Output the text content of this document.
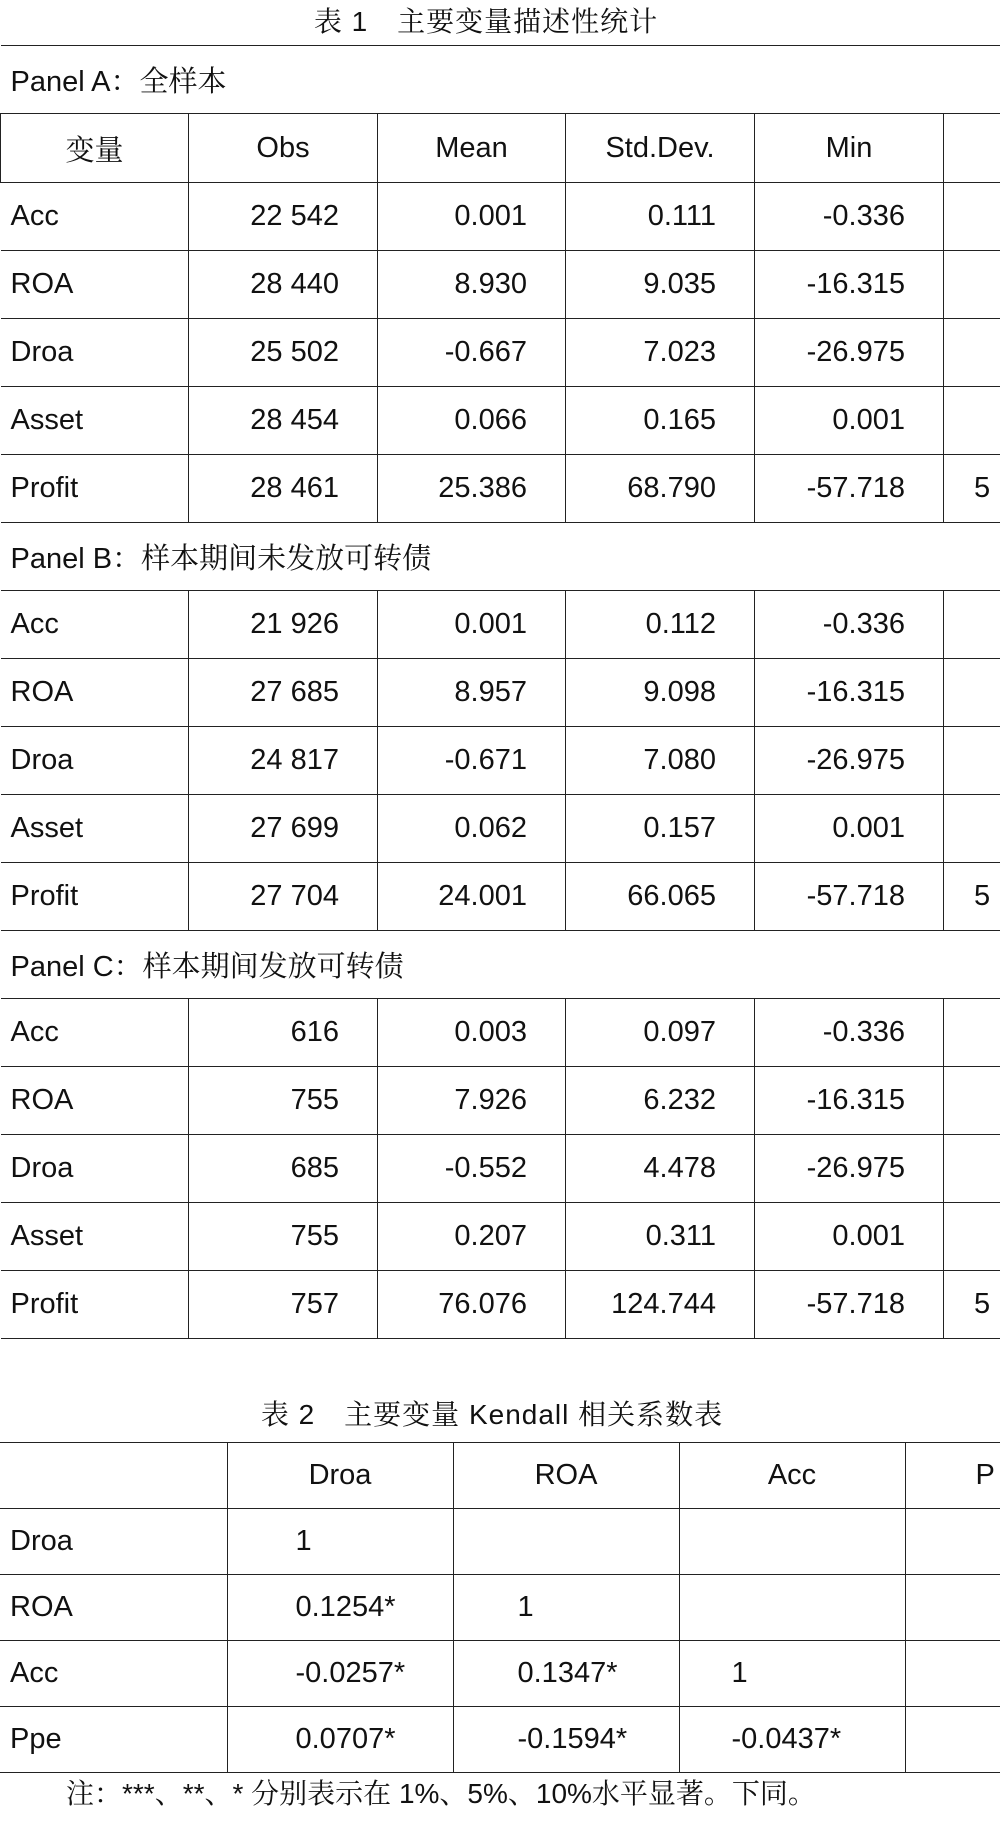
表 1　主要变量描述性统计
Panel A：全样本					
变量	Obs	Mean	Std.Dev.	Min	
Acc	22 542	0.001	0.111	-0.336	
ROA	28 440	8.930	9.035	-16.315	
Droa	25 502	-0.667	7.023	-26.975	
Asset	28 454	0.066	0.165	0.001	
Profit	28 461	25.386	68.790	-57.718	5
Panel B：样本期间未发放可转债					
Acc	21 926	0.001	0.112	-0.336	
ROA	27 685	8.957	9.098	-16.315	
Droa	24 817	-0.671	7.080	-26.975	
Asset	27 699	0.062	0.157	0.001	
Profit	27 704	24.001	66.065	-57.718	5
Panel C：样本期间发放可转债					
Acc	616	0.003	0.097	-0.336	
ROA	755	7.926	6.232	-16.315	
Droa	685	-0.552	4.478	-26.975	
Asset	755	0.207	0.311	0.001	
Profit	757	76.076	124.744	-57.718	5
表 2　主要变量 Kendall 相关系数表
	Droa	ROA	Acc	P
Droa	1			
ROA	0.1254*	1		
Acc	-0.0257*	0.1347*	1	
Ppe	0.0707*	-0.1594*	-0.0437*	
注：***、**、* 分别表示在 1%、5%、10%水平显著。下同。
